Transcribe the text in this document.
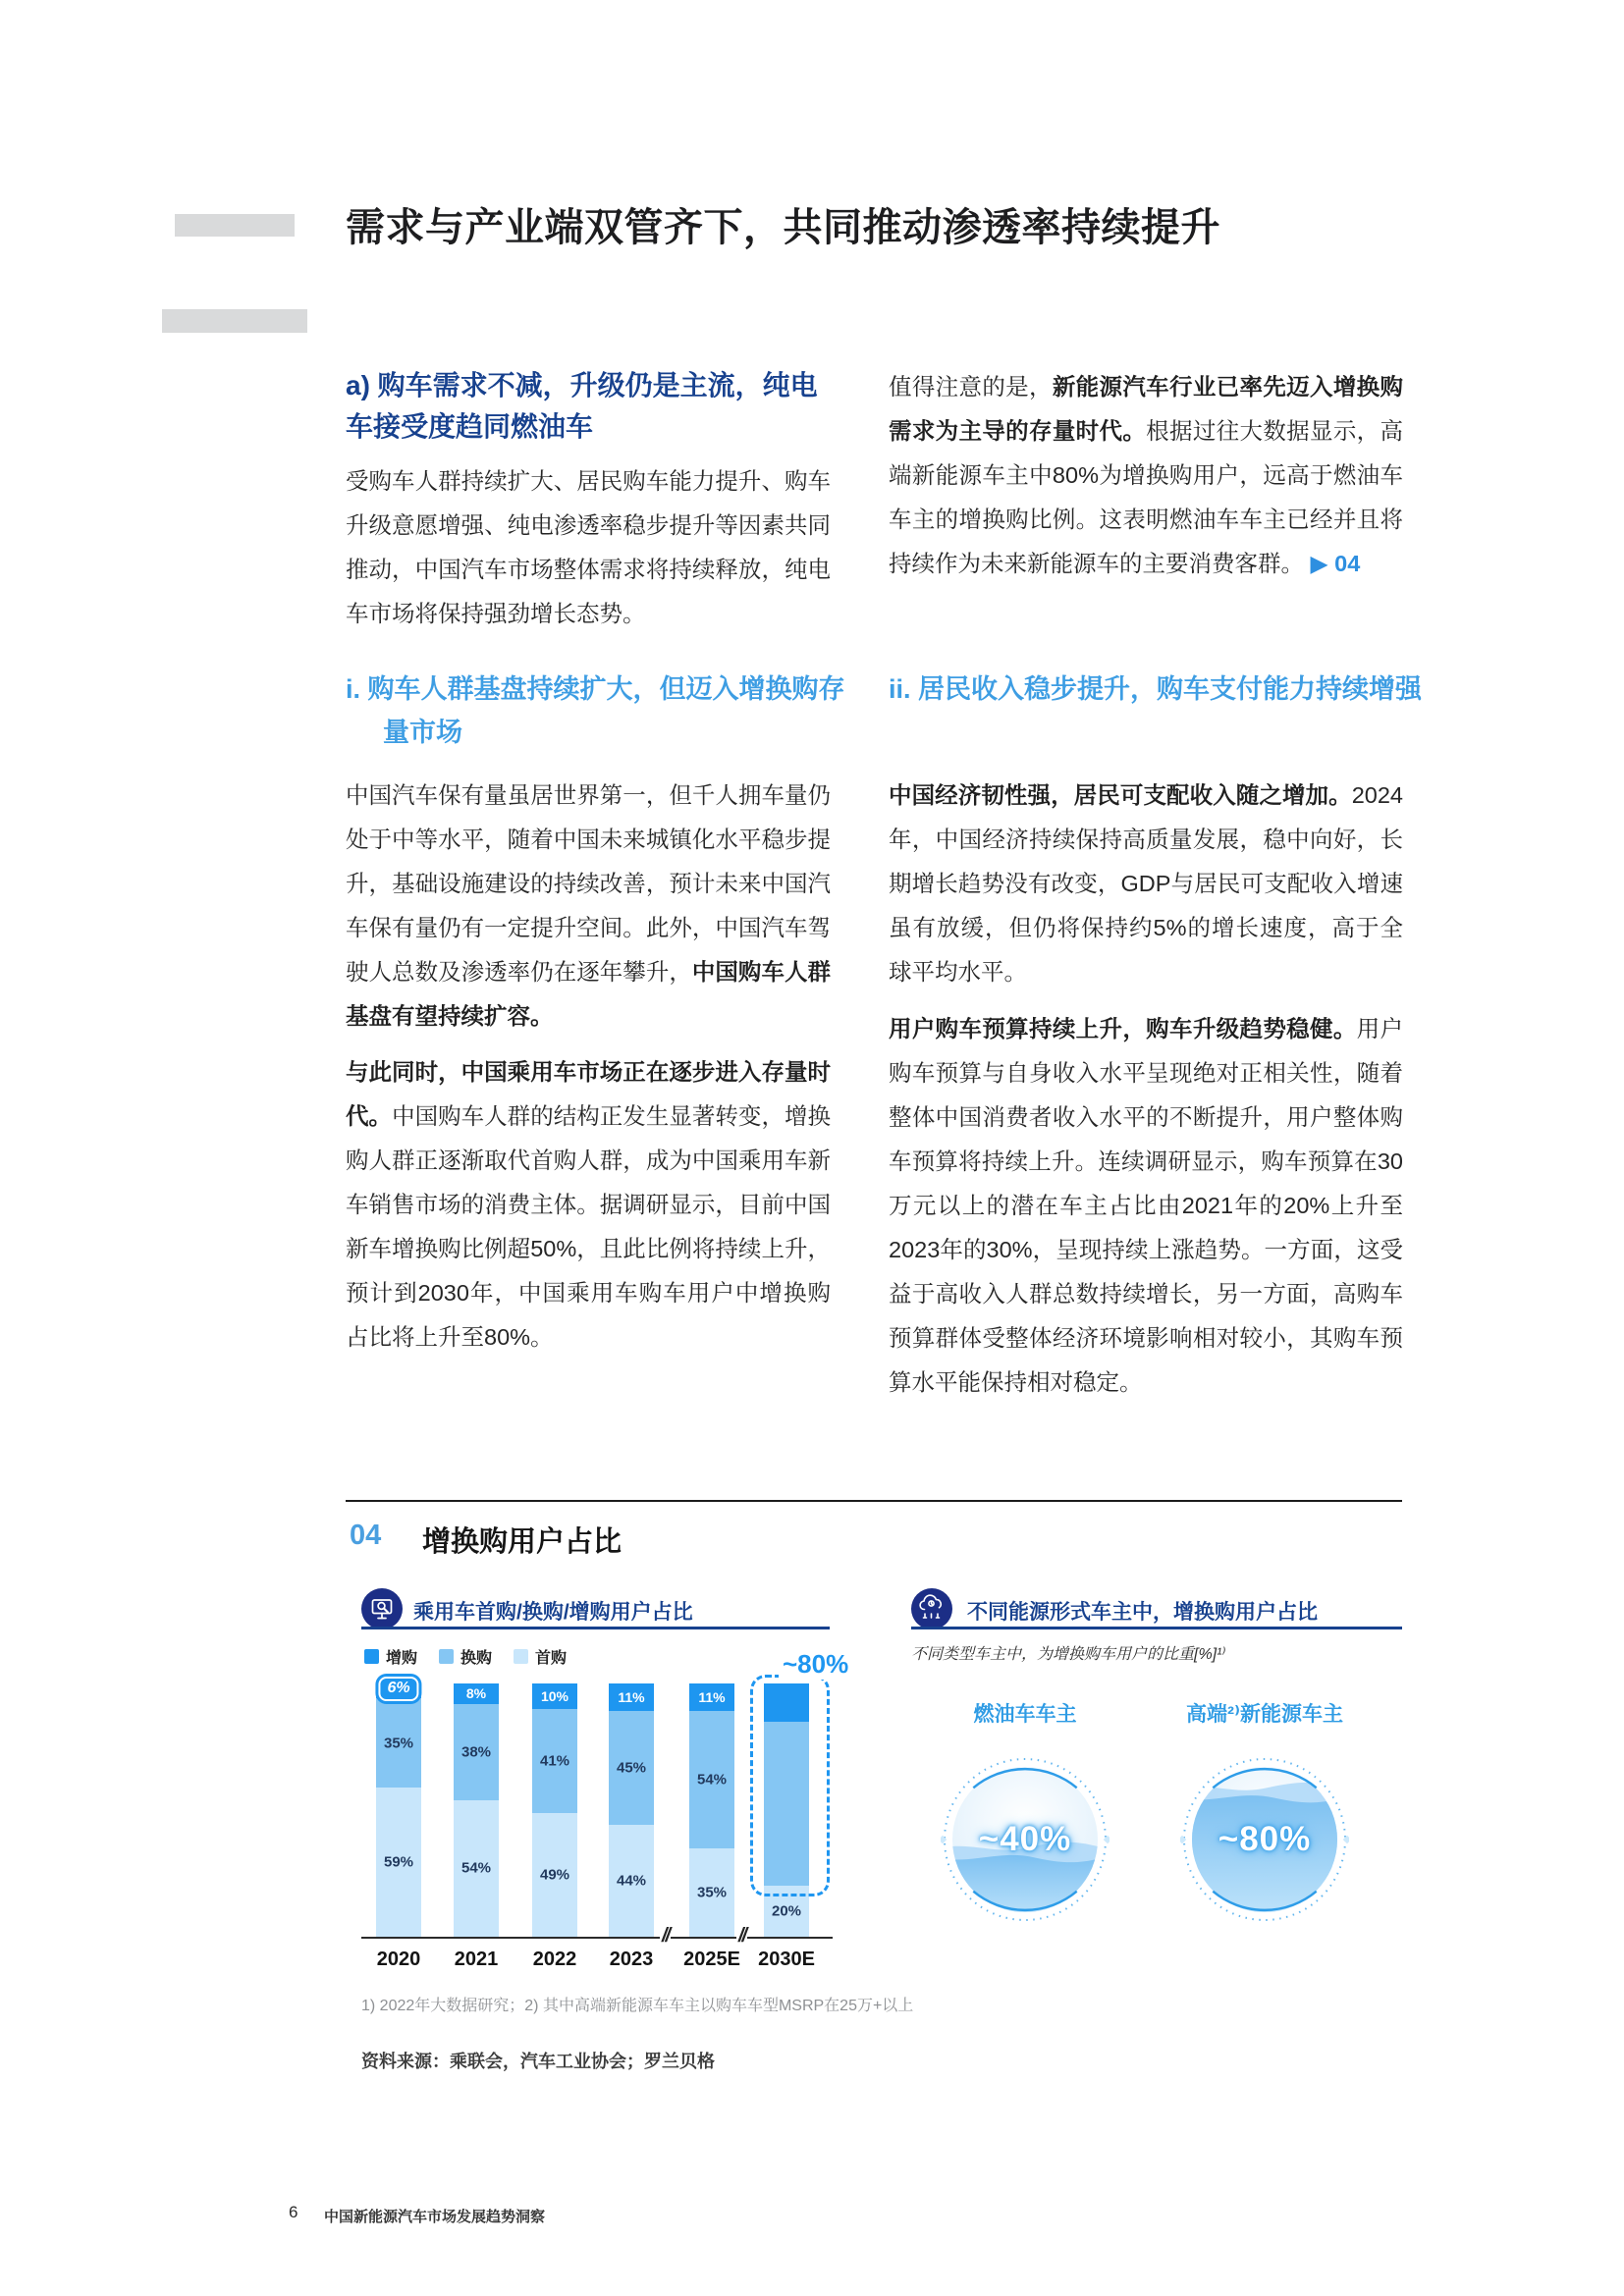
需求与产业端双管齐下，共同推动渗透率持续提升
a) 购车需求不减，升级仍是主流，纯电车接受度趋同燃油车
受购车人群持续扩大、居民购车能力提升、购车升级意愿增强、纯电渗透率稳步提升等因素共同推动，中国汽车市场整体需求将持续释放，纯电车市场将保持强劲增长态势。
i. 购车人群基盘持续扩大，但迈入增换购存量市场
中国汽车保有量虽居世界第一，但千人拥车量仍处于中等水平，随着中国未来城镇化水平稳步提升，基础设施建设的持续改善，预计未来中国汽车保有量仍有一定提升空间。此外，中国汽车驾驶人总数及渗透率仍在逐年攀升，中国购车人群基盘有望持续扩容。
与此同时，中国乘用车市场正在逐步进入存量时代。中国购车人群的结构正发生显著转变，增换购人群正逐渐取代首购人群，成为中国乘用车新车销售市场的消费主体。据调研显示，目前中国新车增换购比例超50%，且此比例将持续上升，预计到2030年，中国乘用车购车用户中增换购占比将上升至80%。
值得注意的是，新能源汽车行业已率先迈入增换购需求为主导的存量时代。根据过往大数据显示，高端新能源车主中80%为增换购用户，远高于燃油车车主的增换购比例。这表明燃油车车主已经并且将持续作为未来新能源车的主要消费客群。 ▶ 04
ii. 居民收入稳步提升，购车支付能力持续增强
中国经济韧性强，居民可支配收入随之增加。2024年，中国经济持续保持高质量发展，稳中向好，长期增长趋势没有改变，GDP与居民可支配收入增速虽有放缓，但仍将保持约5%的增长速度，高于全球平均水平。
用户购车预算持续上升，购车升级趋势稳健。用户购车预算与自身收入水平呈现绝对正相关性，随着整体中国消费者收入水平的不断提升，用户整体购车预算将持续上升。连续调研显示，购车预算在30万元以上的潜在车主占比由2021年的20%上升至2023年的30%，呈现持续上涨趋势。一方面，这受益于高收入人群总数持续增长，另一方面，高购车预算群体受整体经济环境影响相对较小，其购车预算水平能保持相对稳定。
04 增换购用户占比
乘用车首购/换购/增购用户占比
增购	换购	首购
6%
35%
59%
2020
8%
38%
54%
2021
10%
41%
49%
2022
11%
45%
44%
2023
11%
54%
35%
2025E
20%
2030E
//	//
~80%
不同能源形式车主中，增换购用户占比
不同类型车主中，为增换购车用户的比重[%]¹⁾
燃油车车主	高端²⁾新能源车主
~40%	~80%
1) 2022年大数据研究；2) 其中高端新能源车车主以购车车型MSRP在25万+以上
资料来源：乘联会，汽车工业协会；罗兰贝格
6 中国新能源汽车市场发展趋势洞察
